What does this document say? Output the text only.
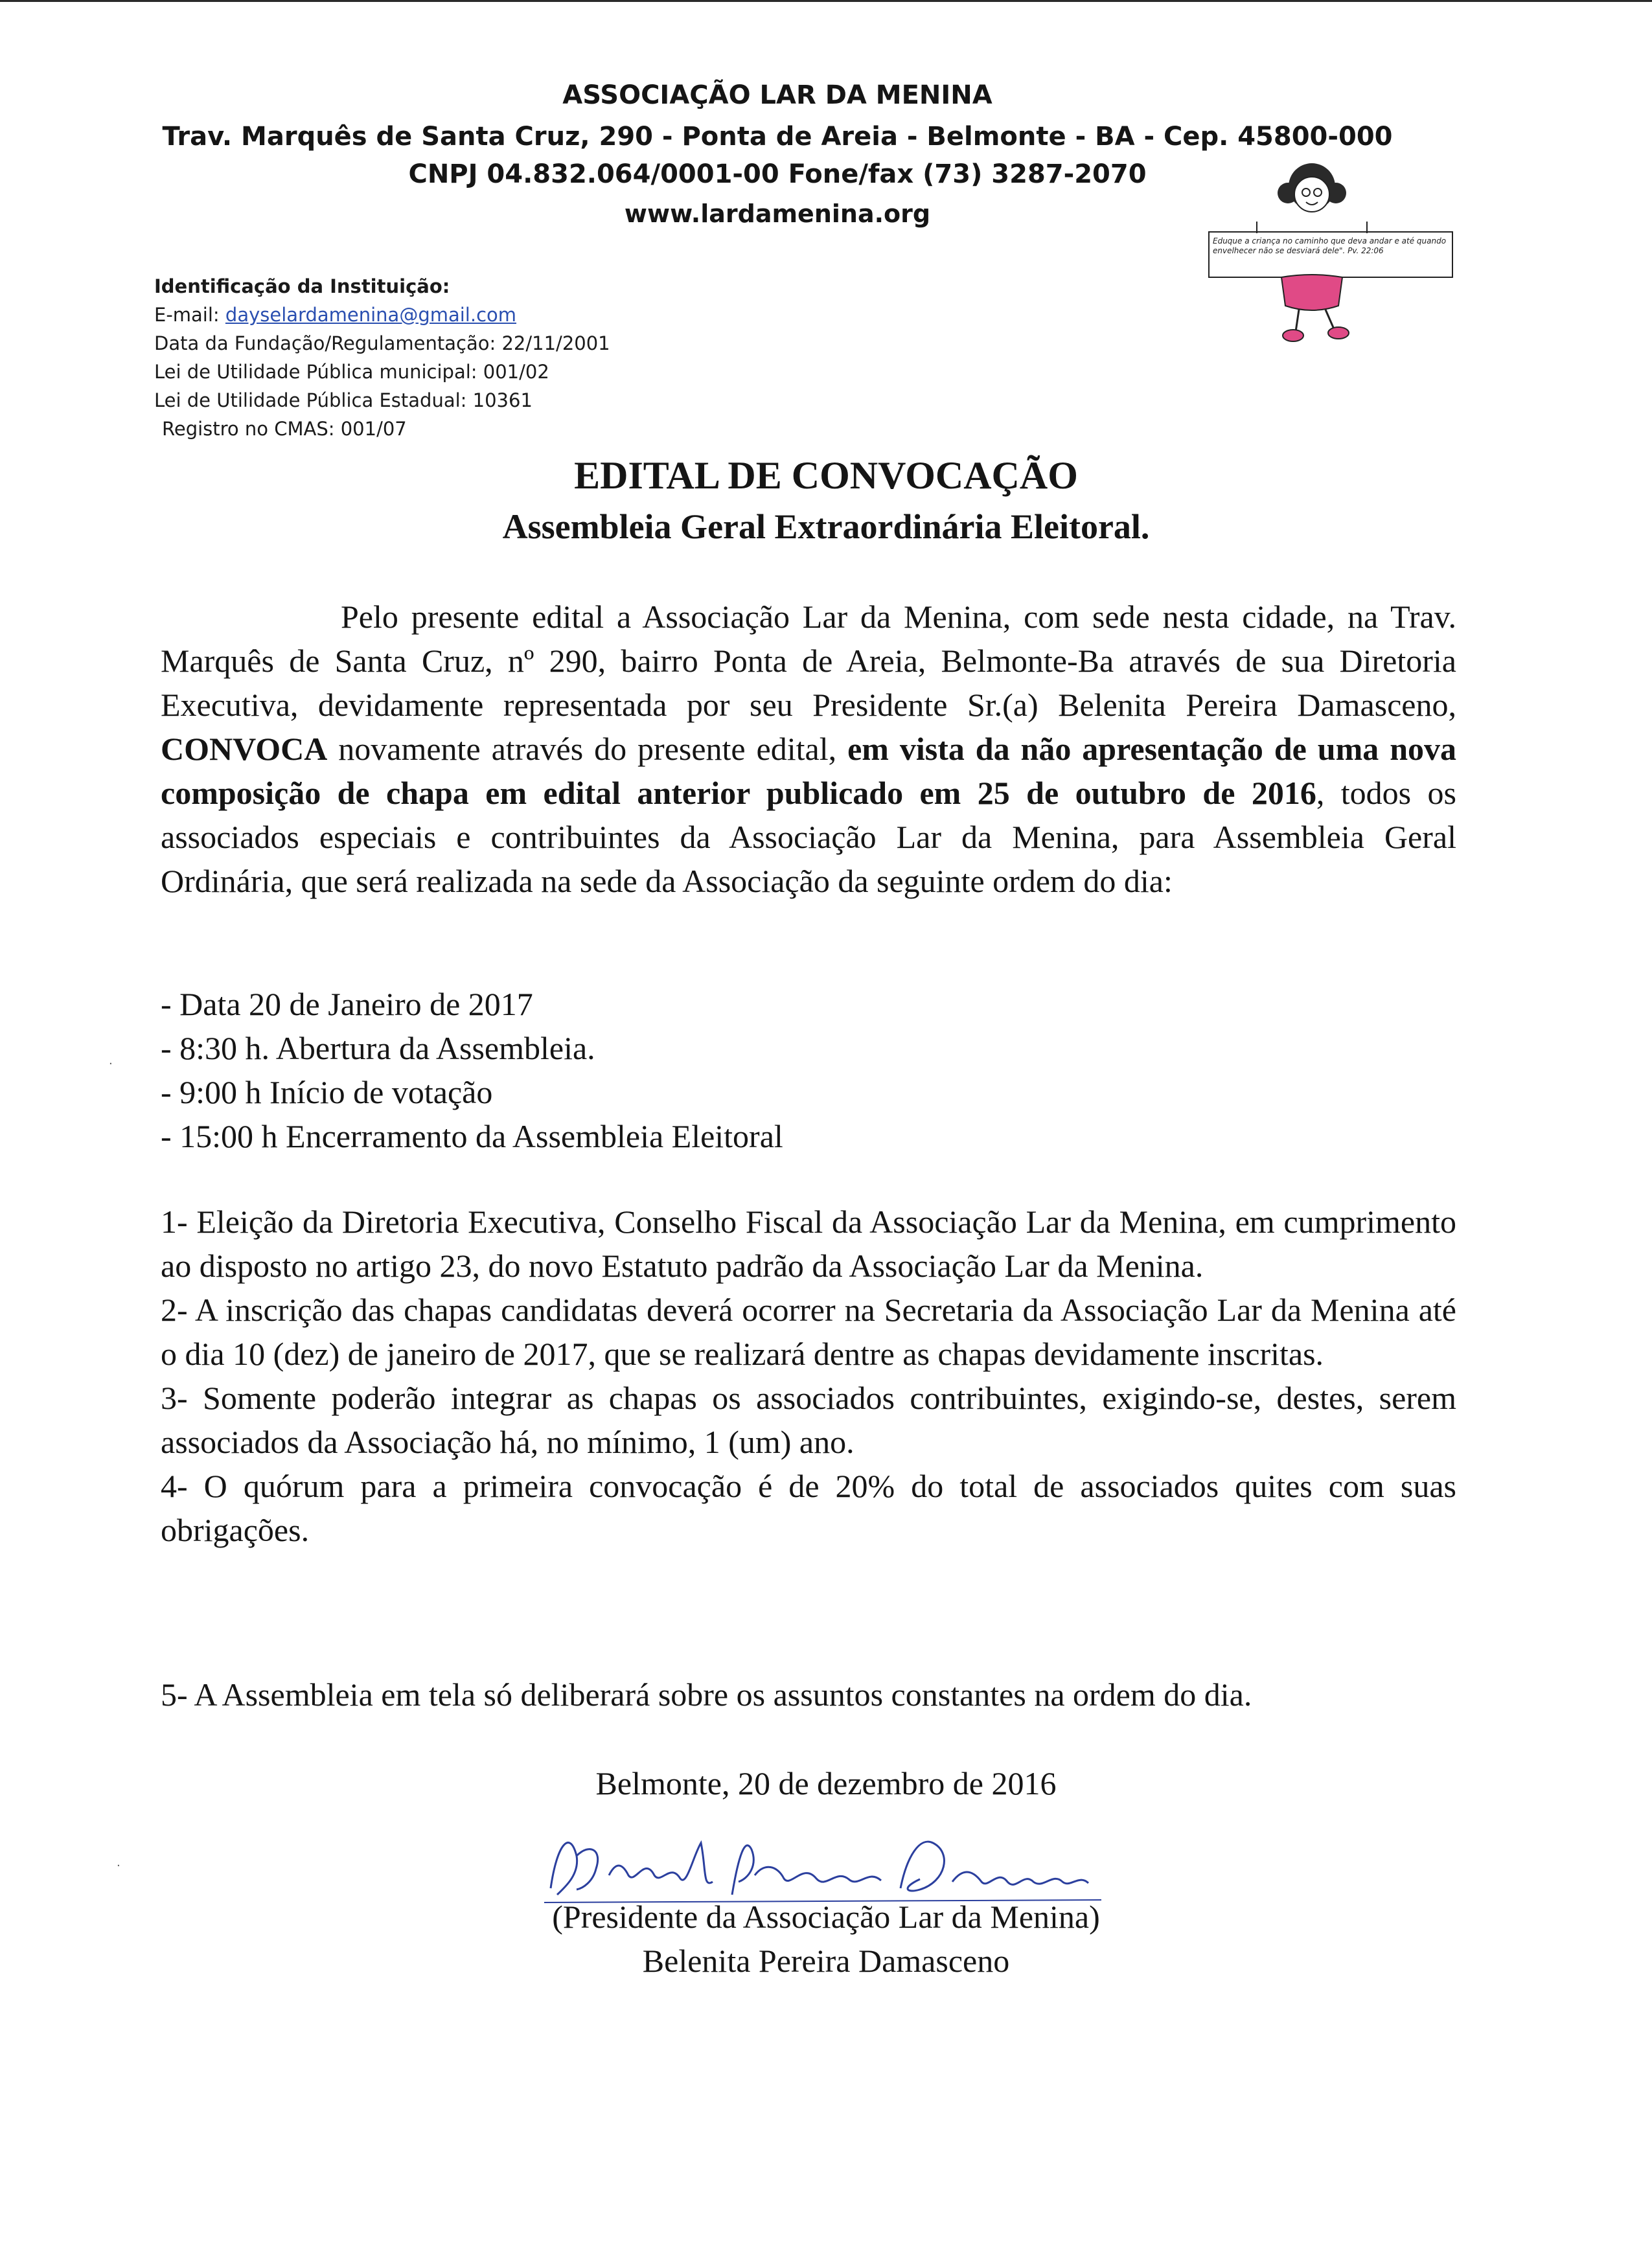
ASSOCIAÇÃO LAR DA MENINA
Trav. Marquês de Santa Cruz, 290 - Ponta de Areia - Belmonte - BA - Cep. 45800-000
CNPJ 04.832.064/0001-00 Fone/fax (73) 3287-2070
www.lardamenina.org
Eduque a criança no caminho que deva andar e até quando envelhecer não se desviará dele". Pv. 22:06
Identificação da Instituição:
E-mail: dayselardamenina@gmail.com
Data da Fundação/Regulamentação: 22/11/2001
Lei de Utilidade Pública municipal: 001/02
Lei de Utilidade Pública Estadual: 10361
Registro no CMAS: 001/07
EDITAL DE CONVOCAÇÃO
Assembleia Geral Extraordinária Eleitoral.
Pelo presente edital a Associação Lar da Menina, com sede nesta cidade, na Trav. Marquês de Santa Cruz, nº 290, bairro Ponta de Areia, Belmonte-Ba através de sua Diretoria Executiva, devidamente representada por seu Presidente Sr.(a) Belenita Pereira Damasceno, CONVOCA novamente através do presente edital, em vista da não apresentação de uma nova composição de chapa em edital anterior publicado em 25 de outubro de 2016, todos os associados especiais e contribuintes da Associação Lar da Menina, para Assembleia Geral Ordinária, que será realizada na sede da Associação da seguinte ordem do dia:
- Data 20 de Janeiro de 2017
- 8:30 h. Abertura da Assembleia.
- 9:00 h Início de votação
- 15:00 h Encerramento da Assembleia Eleitoral
1- Eleição da Diretoria Executiva, Conselho Fiscal da Associação Lar da Menina, em cumprimento ao disposto no artigo 23, do novo Estatuto padrão da Associação Lar da Menina.
2- A inscrição das chapas candidatas deverá ocorrer na Secretaria da Associação Lar da Menina até o dia 10 (dez) de janeiro de 2017, que se realizará dentre as chapas devidamente inscritas.
3- Somente poderão integrar as chapas os associados contribuintes, exigindo-se, destes, serem associados da Associação há, no mínimo, 1 (um) ano.
4- O quórum para a primeira convocação é de 20% do total de associados quites com suas obrigações.
5- A Assembleia em tela só deliberará sobre os assuntos constantes na ordem do dia.
Belmonte, 20 de dezembro de 2016
(Presidente da Associação Lar da Menina)
Belenita Pereira Damasceno
·
·
